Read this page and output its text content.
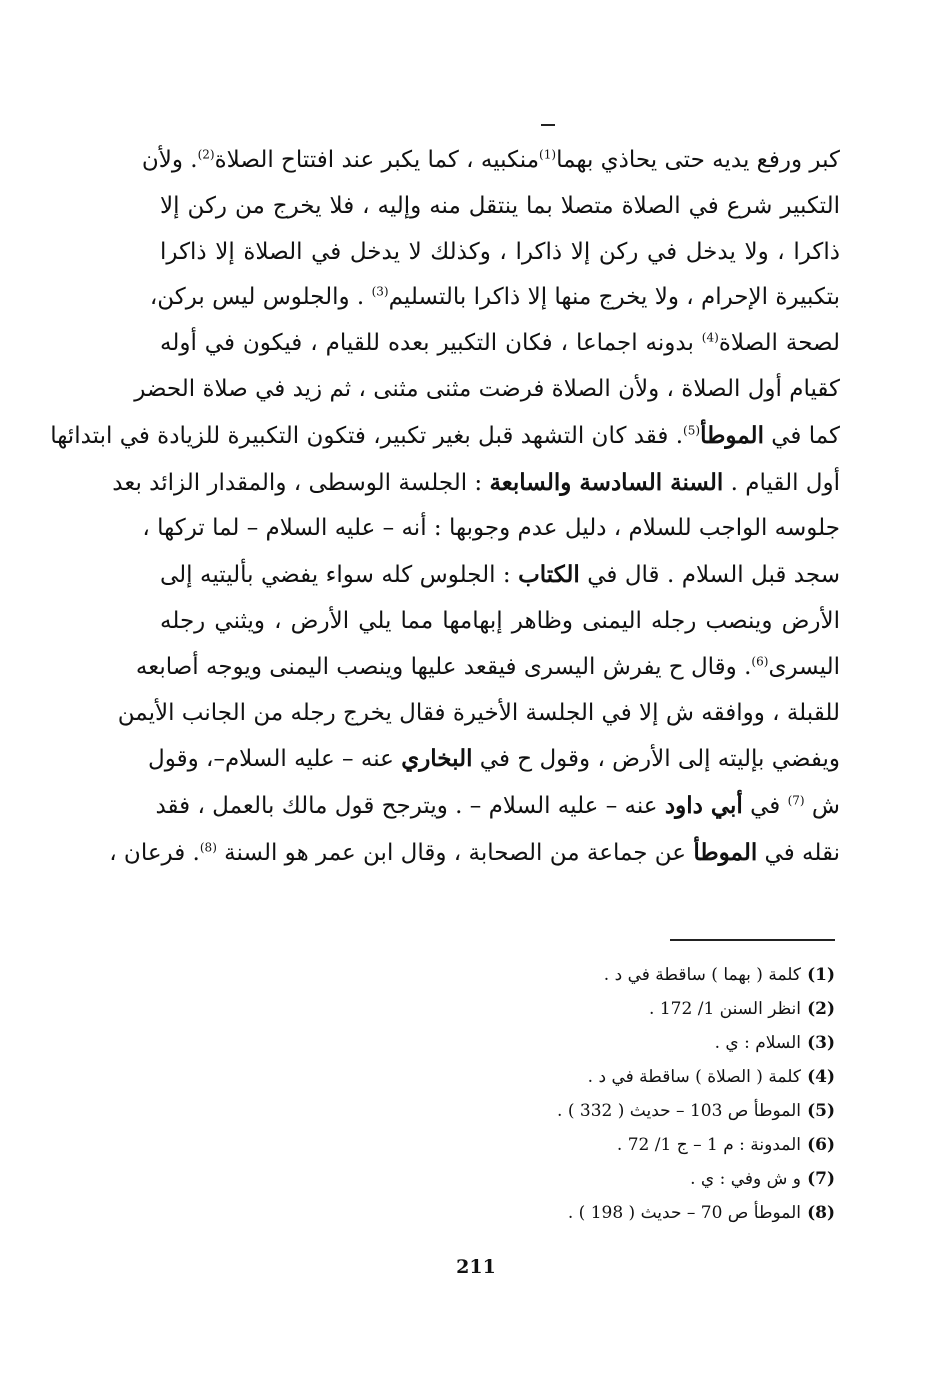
كبر ورفع يديه حتى يحاذي بهما$^{(1)}$منكبيه ، كما يكبر عند افتتاح الصلاة$^{(2)}$. ولأن
التكبير شرع في الصلاة متصلا بما ينتقل منه وإليه ، فلا يخرج من ركن إلا
ذاكرا ، ولا يدخل في ركن إلا ذاكرا ، وكذلك لا يدخل في الصلاة إلا ذاكرا
بتكبيرة الإحرام ، ولا يخرج منها إلا ذاكرا بالتسليم$^{(3)}$ . والجلوس ليس بركن،
لصحة الصلاة$^{(4)}$ بدونه اجماعا ، فكان التكبير بعده للقيام ، فيكون في أوله
كقيام أول الصلاة ، ولأن الصلاة فرضت مثنى مثنى ، ثم زيد في صلاة الحضر
كما في الموطأ$^{(5)}$. فقد كان التشهد قبل بغير تكبير، فتكون التكبيرة للزيادة في ابتدائها
أول القيام . السنة السادسة والسابعة : الجلسة الوسطى ، والمقدار الزائد بعد
جلوسه الواجب للسلام ، دليل عدم وجوبها : أنه – عليه السلام – لما تركها ،
سجد قبل السلام . قال في الكتاب : الجلوس كله سواء يفضي بأليتيه إلى
الأرض وينصب رجله اليمنى وظاهر إبهامها مما يلي الأرض ، ويثني رجله
اليسرى$^{(6)}$. وقال ح يفرش اليسرى فيقعد عليها وينصب اليمنى ويوجه أصابعه
للقبلة ، ووافقه ش إلا في الجلسة الأخيرة فقال يخرج رجله من الجانب الأيمن
ويفضي بإليته إلى الأرض ، وقول ح في البخاري عنه – عليه السلام–، وقول
ش $^{(7)}$ في أبي داود عنه – عليه السلام – . ويترجح قول مالك بالعمل ، فقد
نقله في الموطأ عن جماعة من الصحابة ، وقال ابن عمر هو السنة $^{(8)}$. فرعان ،
(1)كلمة ( بهما ) ساقطة في د .
(2)انظر السنن 1/ 172 .
(3)السلام : ي .
(4)كلمة ( الصلاة ) ساقطة في د .
(5)الموطأ ص 103 – حديث ( 332 ) .
(6)المدونة : م 1 – ج 1/ 72 .
(7)و ش وفي : ي .
(8)الموطأ ص 70 – حديث ( 198 ) .
211
